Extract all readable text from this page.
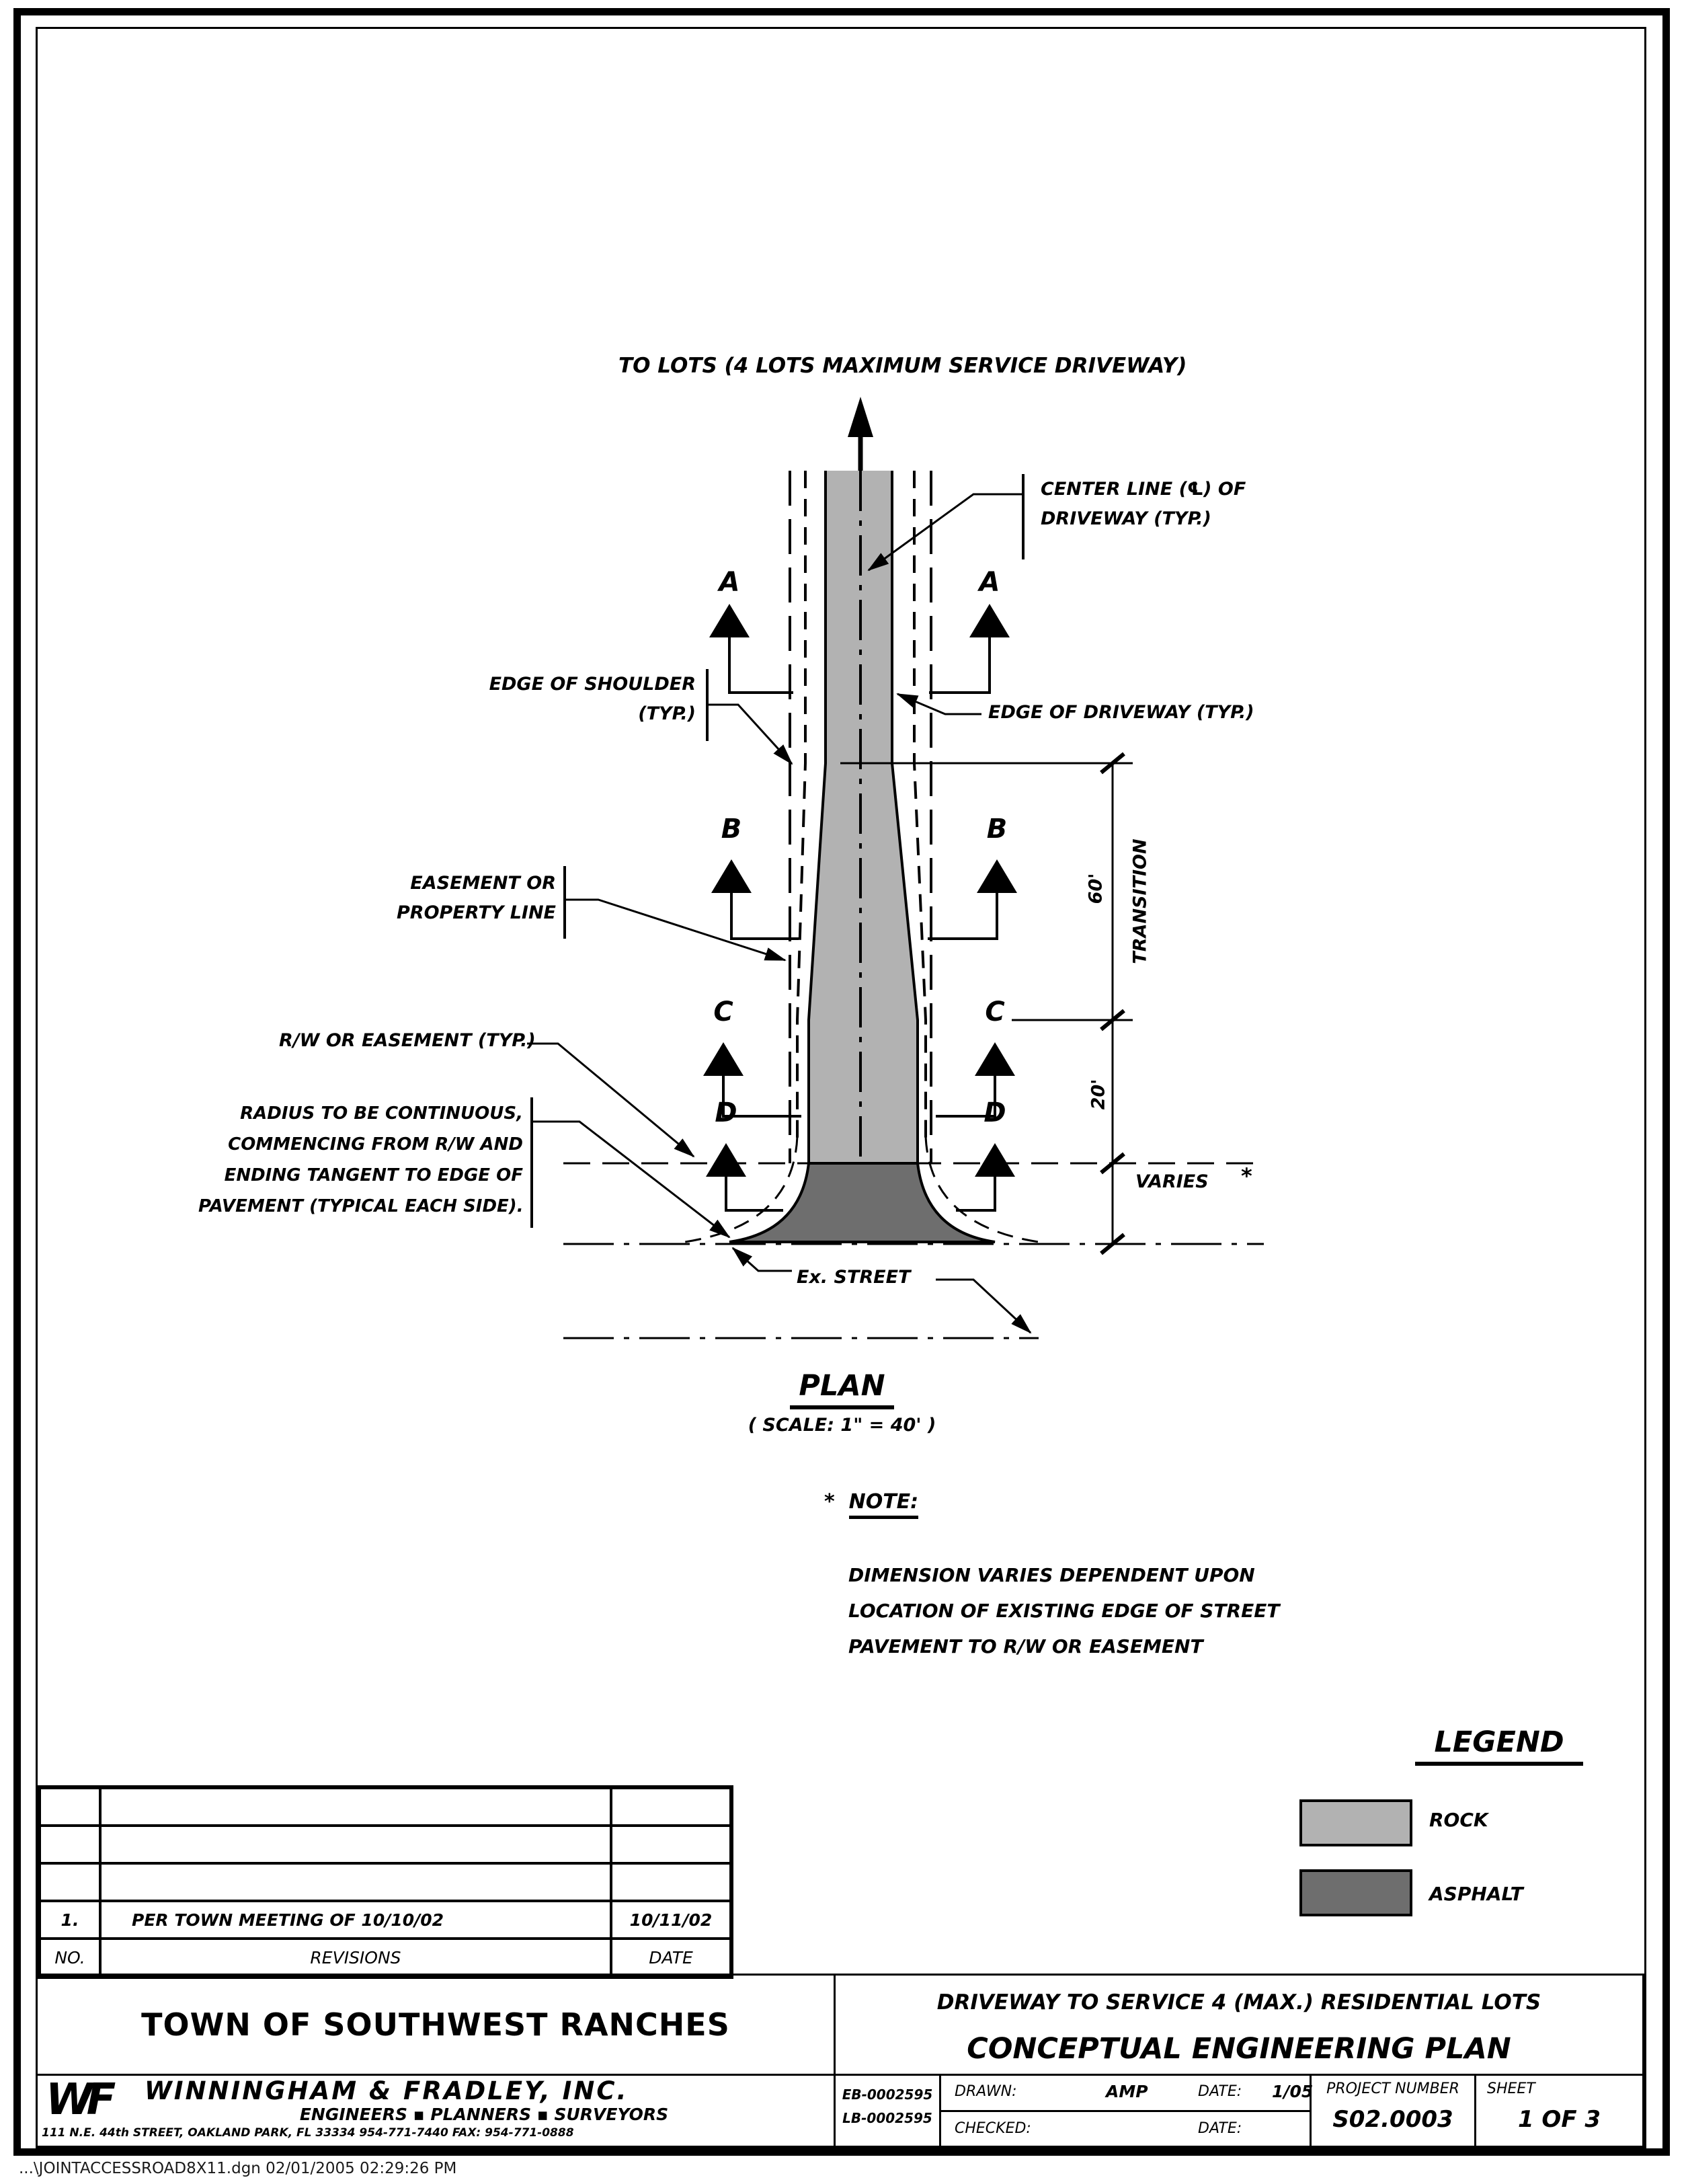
TO LOTS (4 LOTS MAXIMUM SERVICE DRIVEWAY)
CENTER LINE (℄) OF
DRIVEWAY (TYP.)
EDGE OF SHOULDER
(TYP.)	EDGE OF DRIVEWAY (TYP.)
EASEMENT OR
PROPERTY LINE
R/W OR EASEMENT (TYP.)
RADIUS TO BE CONTINUOUS,
COMMENCING FROM R/W AND
ENDING TANGENT TO EDGE OF
PAVEMENT (TYPICAL EACH SIDE).
Ex. STREET
A	A
B	B
C	C
D	D
60' TRANSITION
20'
VARIES *
PLAN
( SCALE: 1" = 40' )
* NOTE:
DIMENSION VARIES DEPENDENT UPON
LOCATION OF EXISTING EDGE OF STREET
PAVEMENT TO R/W OR EASEMENT
LEGEND
ROCK
ASPHALT
1.	PER TOWN MEETING OF 10/10/02	10/11/02
NO.	REVISIONS	DATE
TOWN OF SOUTHWEST RANCHES
DRIVEWAY TO SERVICE 4 (MAX.) RESIDENTIAL LOTS
CONCEPTUAL ENGINEERING PLAN
WF WINNINGHAM & FRADLEY, INC.
ENGINEERS ▪ PLANNERS ▪ SURVEYORS
111 N.E. 44th STREET, OAKLAND PARK, FL 33334 954-771-7440 FAX: 954-771-0888
EB-0002595
LB-0002595
DRAWN:	AMP	DATE: 1/05
CHECKED:	DATE:
PROJECT NUMBER
S02.0003
SHEET
1 OF 3
...\JOINTACCESSROAD8X11.dgn 02/01/2005 02:29:26 PM
